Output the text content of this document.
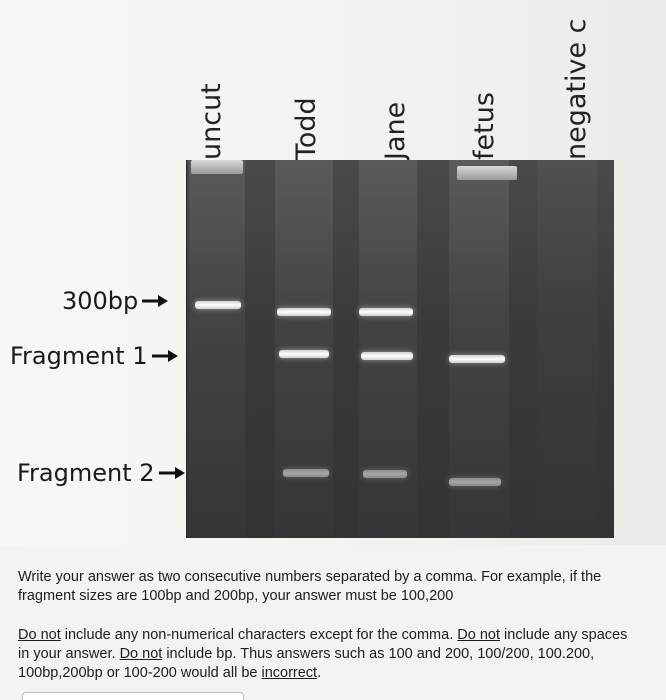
uncut Todd Jane fetus negative c
300bp
Fragment 1
Fragment 2

Write your answer as two consecutive numbers separated by a comma. For example, if the fragment sizes are 100bp and 200bp, your answer must be 100,200

Do not include any non-numerical characters except for the comma. Do not include any spaces in your answer. Do not include bp. Thus answers such as 100 and 200, 100/200, 100.200, 100bp,200bp or 100-200 would all be incorrect.
